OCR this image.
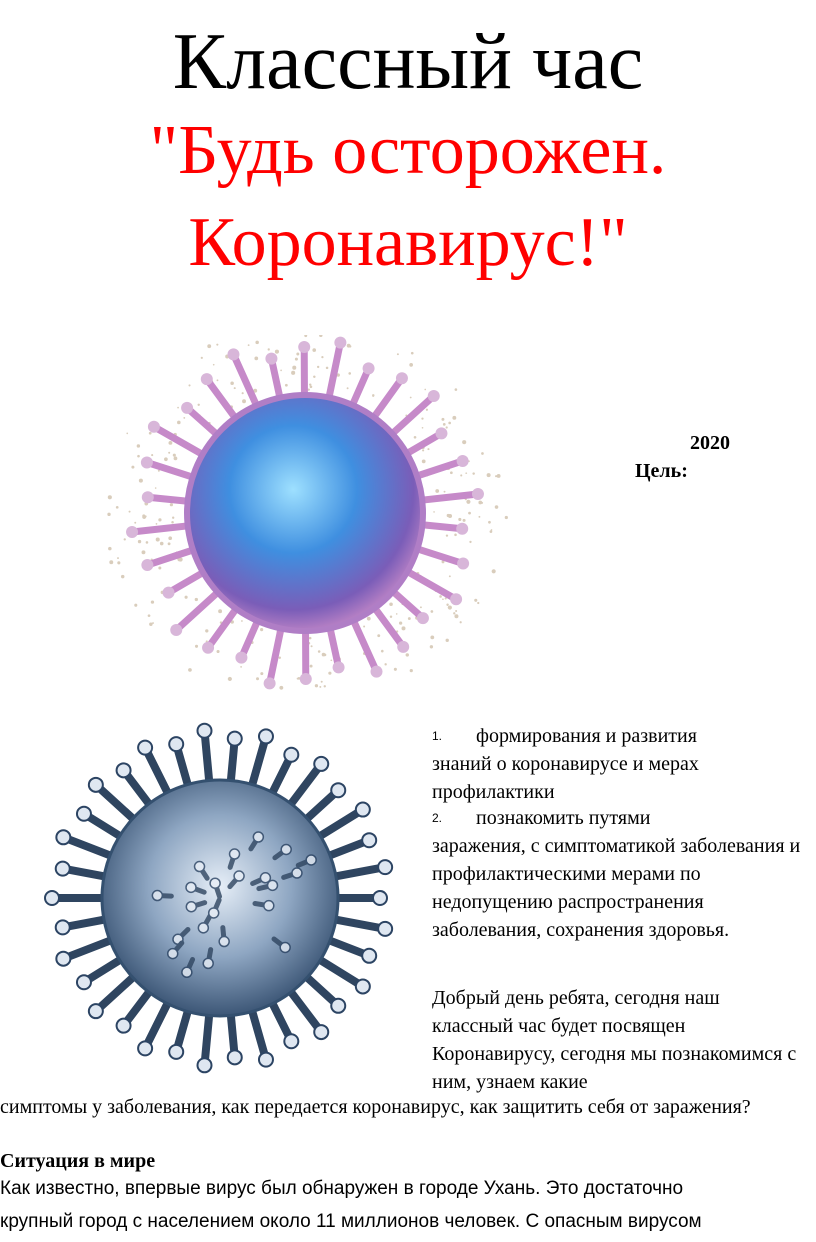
Классный час
"Будь осторожен.
Коронавирус!"
2020
Цель:
1.	формирования и развития
знаний о коронавирусе и мерах профилактики
2.	познакомить путями
заражения, с симптоматикой заболевания и профилактическими мерами по недопущению распространения заболевания, сохранения здоровья.
Добрый день ребята, сегодня наш классный час будет посвящен Коронавирусу, сегодня мы познакомимся с ним, узнаем какие
симптомы у заболевания, как передается коронавирус, как защитить себя от заражения?
Ситуация в мире
Как известно, впервые вирус был обнаружен в городе Ухань. Это достаточно
крупный город с населением около 11 миллионов человек. С опасным вирусом
